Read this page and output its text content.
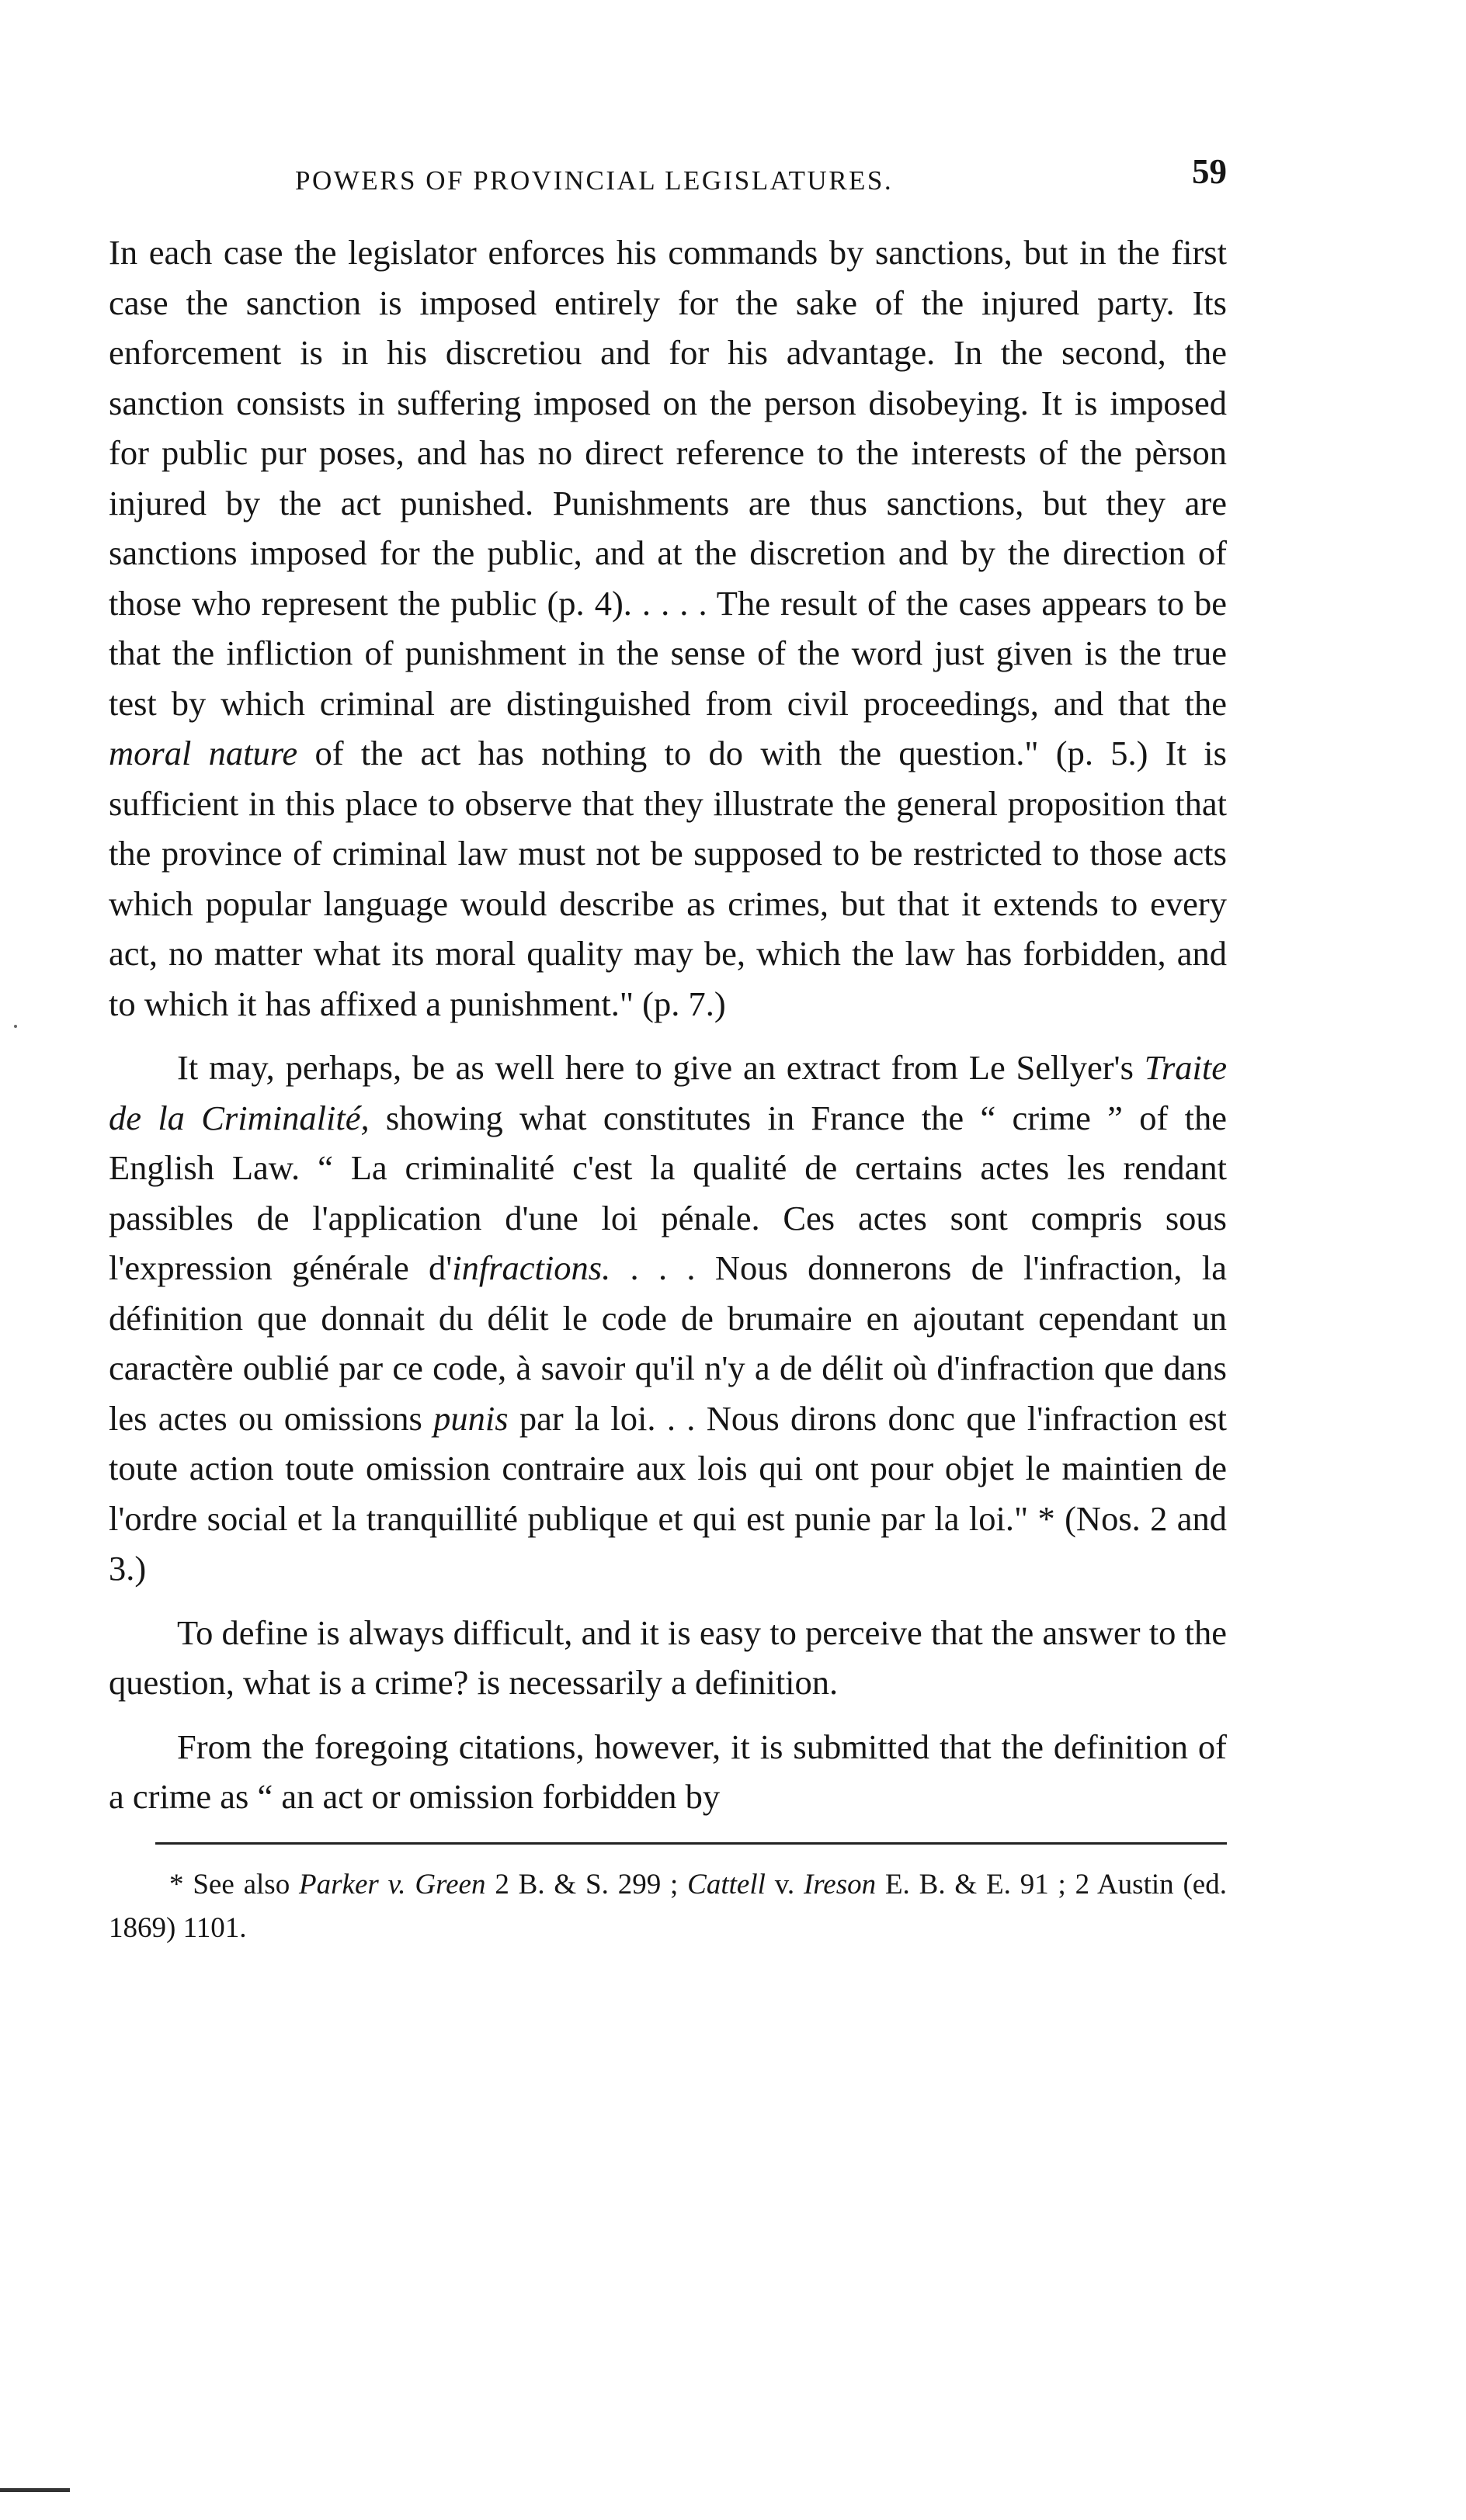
POWERS OF PROVINCIAL LEGISLATURES.	59

In each case the legislator enforces his commands by sanctions, but in the first case the sanction is imposed entirely for the sake of the injured party. Its enforcement is in his discretiou and for his advantage. In the second, the sanction consists in suffering imposed on the person disobeying. It is imposed for public pur poses, and has no direct reference to the interests of the pèrson injured by the act punished. Punishments are thus sanctions, but they are sanctions imposed for the public, and at the discretion and by the direction of those who represent the public (p. 4). . . . . The result of the cases appears to be that the infliction of punishment in the sense of the word just given is the true test by which criminal are distinguished from civil proceedings, and that the moral nature of the act has nothing to do with the question." (p. 5.) It is sufficient in this place to observe that they illustrate the general proposition that the province of criminal law must not be supposed to be restricted to those acts which popular language would describe as crimes, but that it extends to every act, no matter what its moral quality may be, which the law has forbidden, and to which it has affixed a punishment." (p. 7.)

It may, perhaps, be as well here to give an extract from Le Sellyer's Traite de la Criminalité, showing what constitutes in France the “ crime ” of the English Law. “ La criminalité c'est la qualité de certains actes les rendant passibles de l'application d'une loi pénale. Ces actes sont compris sous l'expression générale d'infractions. . . . Nous donnerons de l'infraction, la définition que donnait du délit le code de brumaire en ajoutant cependant un caractère oublié par ce code, à savoir qu'il n'y a de délit où d'infraction que dans les actes ou omissions punis par la loi. . . Nous dirons donc que l'infraction est toute action toute omission contraire aux lois qui ont pour objet le maintien de l'ordre social et la tranquillité publique et qui est punie par la loi." * (Nos. 2 and 3.)

To define is always difficult, and it is easy to perceive that the answer to the question, what is a crime? is necessarily a definition.

From the foregoing citations, however, it is submitted that the definition of a crime as “ an act or omission forbidden by

* See also Parker v. Green 2 B. & S. 299 ; Cattell v. Ireson E. B. & E. 91 ; 2 Austin (ed. 1869) 1101.
